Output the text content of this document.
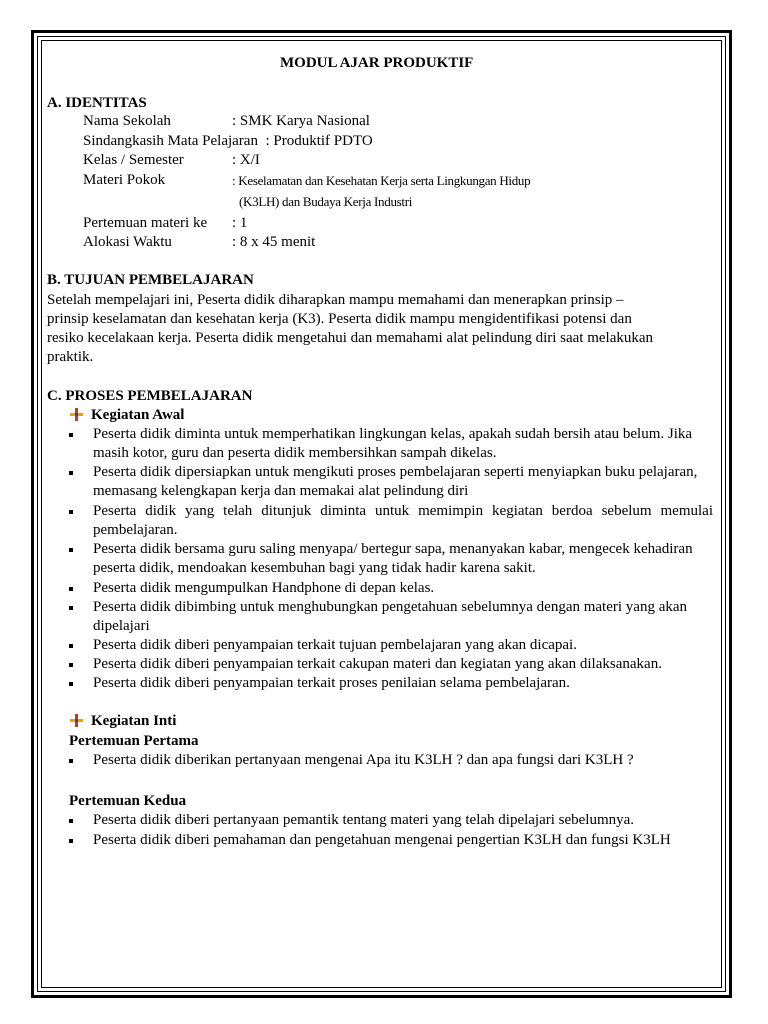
MODUL AJAR PRODUKTIF
A. IDENTITAS
Nama Sekolah	: SMK Karya Nasional
Sindangkasih Mata Pelajaran : Produktif PDTO
Kelas / Semester	: X/I
Materi Pokok	: Keselamatan dan Kesehatan Kerja serta Lingkungan Hidup
(K3LH) dan Budaya Kerja Industri
Pertemuan materi ke : 1
Alokasi Waktu	: 8 x 45 menit
B. TUJUAN PEMBELAJARAN
Setelah mempelajari ini, Peserta didik diharapkan mampu memahami dan menerapkan prinsip –
prinsip keselamatan dan kesehatan kerja (K3). Peserta didik mampu mengidentifikasi potensi dan
resiko kecelakaan kerja. Peserta didik mengetahui dan memahami alat pelindung diri saat melakukan
praktik.
C. PROSES PEMBELAJARAN
Kegiatan Awal
Peserta didik diminta untuk memperhatikan lingkungan kelas, apakah sudah bersih atau belum. Jika masih kotor, guru dan peserta didik membersihkan sampah dikelas.
Peserta didik dipersiapkan untuk mengikuti proses pembelajaran seperti menyiapkan buku pelajaran, memasang kelengkapan kerja dan memakai alat pelindung diri
Peserta didik yang telah ditunjuk diminta untuk memimpin kegiatan berdoa sebelum memulai pembelajaran.
Peserta didik bersama guru saling menyapa/ bertegur sapa, menanyakan kabar, mengecek kehadiran peserta didik, mendoakan kesembuhan bagi yang tidak hadir karena sakit.
Peserta didik mengumpulkan Handphone di depan kelas.
Peserta didik dibimbing untuk menghubungkan pengetahuan sebelumnya dengan materi yang akan dipelajari
Peserta didik diberi penyampaian terkait tujuan pembelajaran yang akan dicapai.
Peserta didik diberi penyampaian terkait cakupan materi dan kegiatan yang akan dilaksanakan.
Peserta didik diberi penyampaian terkait proses penilaian selama pembelajaran.
Kegiatan Inti
Pertemuan Pertama
Peserta didik diberikan pertanyaan mengenai Apa itu K3LH ? dan apa fungsi dari K3LH ?
Pertemuan Kedua
Peserta didik diberi pertanyaan pemantik tentang materi yang telah dipelajari sebelumnya.
Peserta didik diberi pemahaman dan pengetahuan mengenai pengertian K3LH dan fungsi K3LH
